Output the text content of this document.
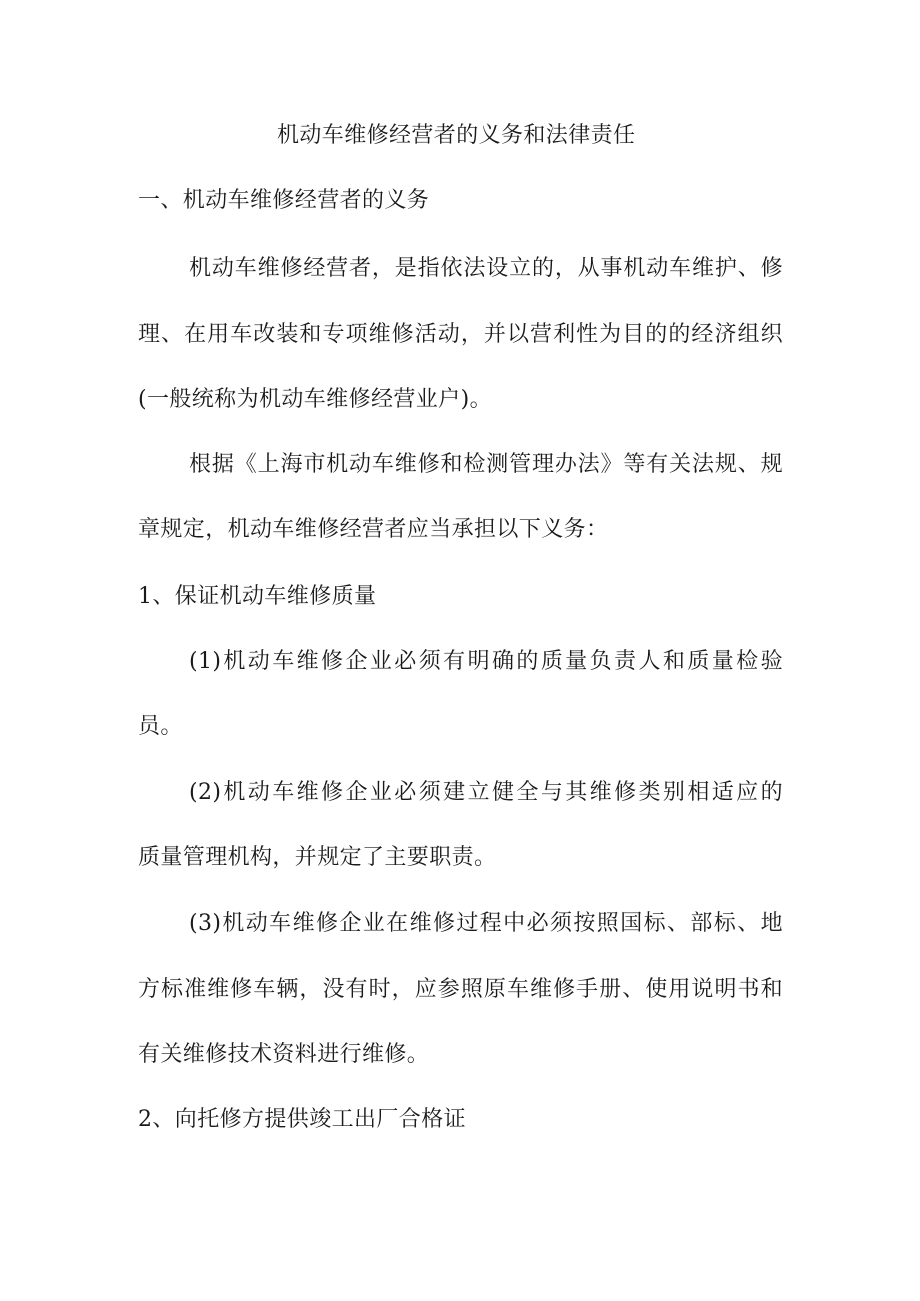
机动车维修经营者的义务和法律责任
一、机动车维修经营者的义务
机动车维修经营者，是指依法设立的，从事机动车维护、修
理、在用车改装和专项维修活动，并以营利性为目的的经济组织
(一般统称为机动车维修经营业户)。
根据《上海市机动车维修和检测管理办法》等有关法规、规
章规定，机动车维修经营者应当承担以下义务：
1、保证机动车维修质量
(1)机动车维修企业必须有明确的质量负责人和质量检验
员。
(2)机动车维修企业必须建立健全与其维修类别相适应的
质量管理机构，并规定了主要职责。
(3)机动车维修企业在维修过程中必须按照国标、部标、地
方标准维修车辆，没有时，应参照原车维修手册、使用说明书和
有关维修技术资料进行维修。
2、向托修方提供竣工出厂合格证
